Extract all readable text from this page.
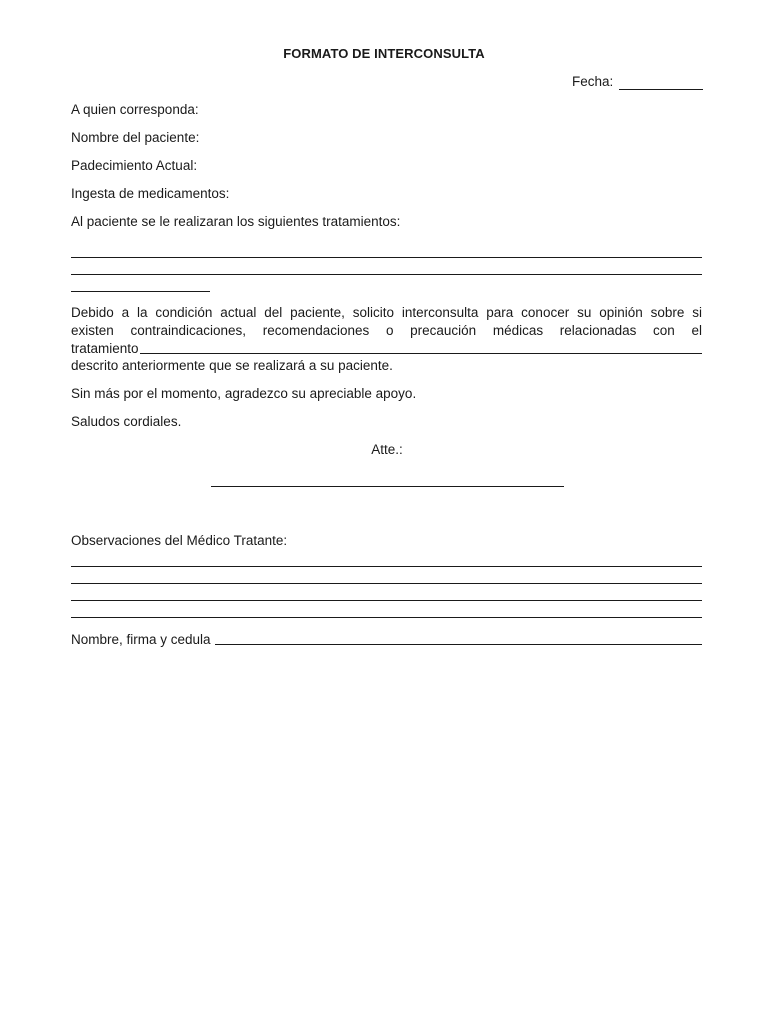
FORMATO DE INTERCONSULTA
Fecha:
A quien corresponda:
Nombre del paciente:
Padecimiento Actual:
Ingesta de medicamentos:
Al paciente se le realizaran los siguientes tratamientos:
Debido a la condición actual del paciente, solicito interconsulta para conocer su opinión sobre si
existen contraindicaciones, recomendaciones o precaución médicas relacionadas con el
tratamiento
descrito anteriormente que se realizará a su paciente.
Sin más por el momento, agradezco su apreciable apoyo.
Saludos cordiales.
Atte.:
Observaciones del Médico Tratante:
Nombre, firma y cedula
